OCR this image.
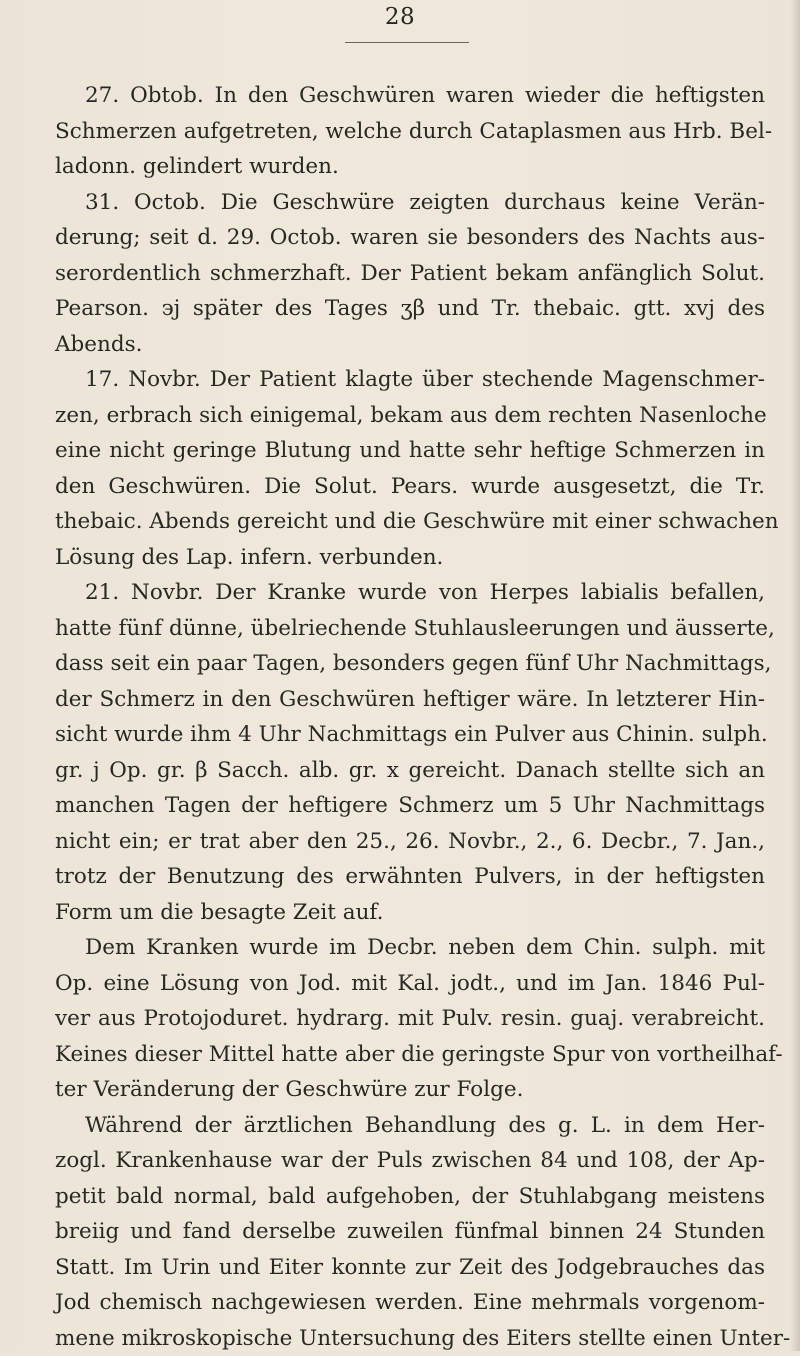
28
27. Obtob. In den Geschwüren waren wieder die heftigsten
Schmerzen aufgetreten, welche durch Cataplasmen aus Hrb. Bel-
ladonn. gelindert wurden.
31. Octob. Die Geschwüre zeigten durchaus keine Verän-
derung; seit d. 29. Octob. waren sie besonders des Nachts aus-
serordentlich schmerzhaft. Der Patient bekam anfänglich Solut.
Pearson. ϶j später des Tages ʒβ und Tr. thebaic. gtt. xvj des
Abends.
17. Novbr. Der Patient klagte über stechende Magenschmer-
zen, erbrach sich einigemal, bekam aus dem rechten Nasenloche
eine nicht geringe Blutung und hatte sehr heftige Schmerzen in
den Geschwüren. Die Solut. Pears. wurde ausgesetzt, die Tr.
thebaic. Abends gereicht und die Geschwüre mit einer schwachen
Lösung des Lap. infern. verbunden.
21. Novbr. Der Kranke wurde von Herpes labialis befallen,
hatte fünf dünne, übelriechende Stuhlausleerungen und äusserte,
dass seit ein paar Tagen, besonders gegen fünf Uhr Nachmittags,
der Schmerz in den Geschwüren heftiger wäre. In letzterer Hin-
sicht wurde ihm 4 Uhr Nachmittags ein Pulver aus Chinin. sulph.
gr. j Op. gr. β Sacch. alb. gr. x gereicht. Danach stellte sich an
manchen Tagen der heftigere Schmerz um 5 Uhr Nachmittags
nicht ein; er trat aber den 25., 26. Novbr., 2., 6. Decbr., 7. Jan.,
trotz der Benutzung des erwähnten Pulvers, in der heftigsten
Form um die besagte Zeit auf.
Dem Kranken wurde im Decbr. neben dem Chin. sulph. mit
Op. eine Lösung von Jod. mit Kal. jodt., und im Jan. 1846 Pul-
ver aus Protojoduret. hydrarg. mit Pulv. resin. guaj. verabreicht.
Keines dieser Mittel hatte aber die geringste Spur von vortheilhaf-
ter Veränderung der Geschwüre zur Folge.
Während der ärztlichen Behandlung des g. L. in dem Her-
zogl. Krankenhause war der Puls zwischen 84 und 108, der Ap-
petit bald normal, bald aufgehoben, der Stuhlabgang meistens
breiig und fand derselbe zuweilen fünfmal binnen 24 Stunden
Statt. Im Urin und Eiter konnte zur Zeit des Jodgebrauches das
Jod chemisch nachgewiesen werden. Eine mehrmals vorgenom-
mene mikroskopische Untersuchung des Eiters stellte einen Unter-
